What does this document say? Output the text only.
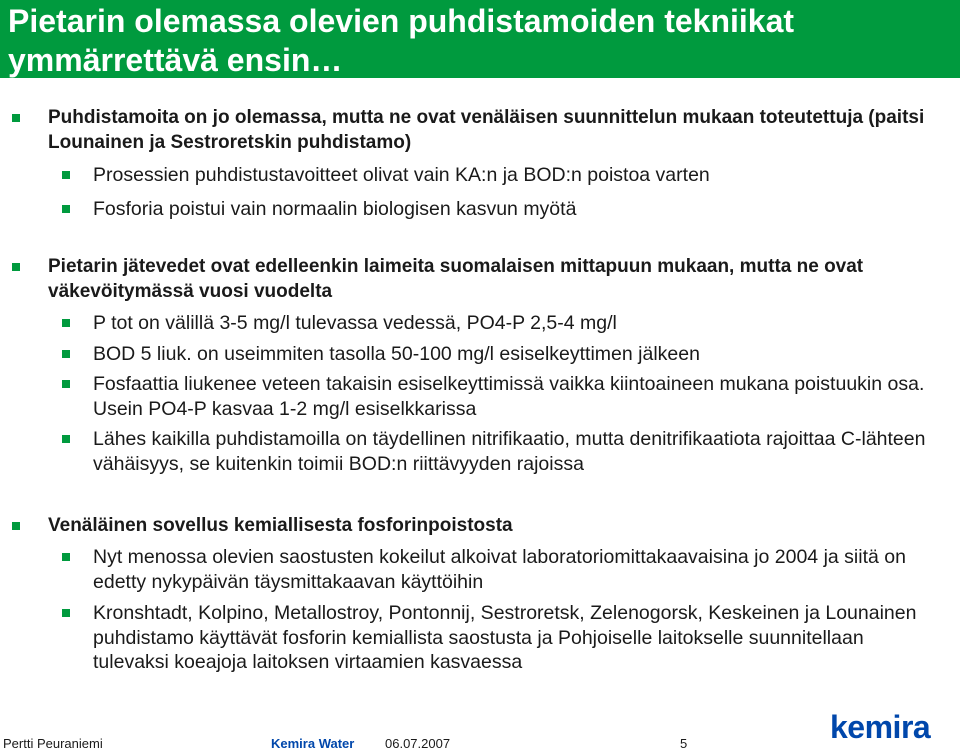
Pietarin olemassa olevien puhdistamoiden tekniikat ymmärrettävä ensin…
Puhdistamoita on jo olemassa, mutta ne ovat venäläisen suunnittelun mukaan toteutettuja (paitsi Lounainen ja Sestroretskin puhdistamo)
Prosessien puhdistustavoitteet olivat vain KA:n ja BOD:n poistoa varten
Fosforia poistui vain normaalin biologisen kasvun myötä
Pietarin jätevedet ovat edelleenkin laimeita suomalaisen mittapuun mukaan, mutta ne ovat väkevöitymässä vuosi vuodelta
P tot on välillä 3-5 mg/l tulevassa vedessä, PO4-P 2,5-4 mg/l
BOD 5 liuk. on useimmiten tasolla 50-100 mg/l esiselkeyttimen jälkeen
Fosfaattia liukenee veteen takaisin esiselkeyttimissä vaikka kiintoaineen mukana poistuukin osa. Usein PO4-P kasvaa 1-2 mg/l esiselkkarissa
Lähes kaikilla puhdistamoilla on täydellinen nitrifikaatio, mutta denitrifikaatiota rajoittaa C-lähteen vähäisyys, se kuitenkin toimii BOD:n riittävyyden rajoissa
Venäläinen sovellus kemiallisesta fosforinpoistosta
Nyt menossa olevien saostusten kokeilut alkoivat laboratoriomittakaavaisina jo 2004 ja siitä on edetty nykypäivän täysmittakaavan käyttöihin
Kronshtadt, Kolpino, Metallostroy, Pontonnij, Sestroretsk, Zelenogorsk, Keskeinen ja Lounainen puhdistamo käyttävät fosforin kemiallista saostusta ja Pohjoiselle laitokselle suunnitellaan tulevaksi koeajoja laitoksen virtaamien kasvaessa
Pertti Peuraniemi	Kemira Water 06.07.2007	5	kemira
